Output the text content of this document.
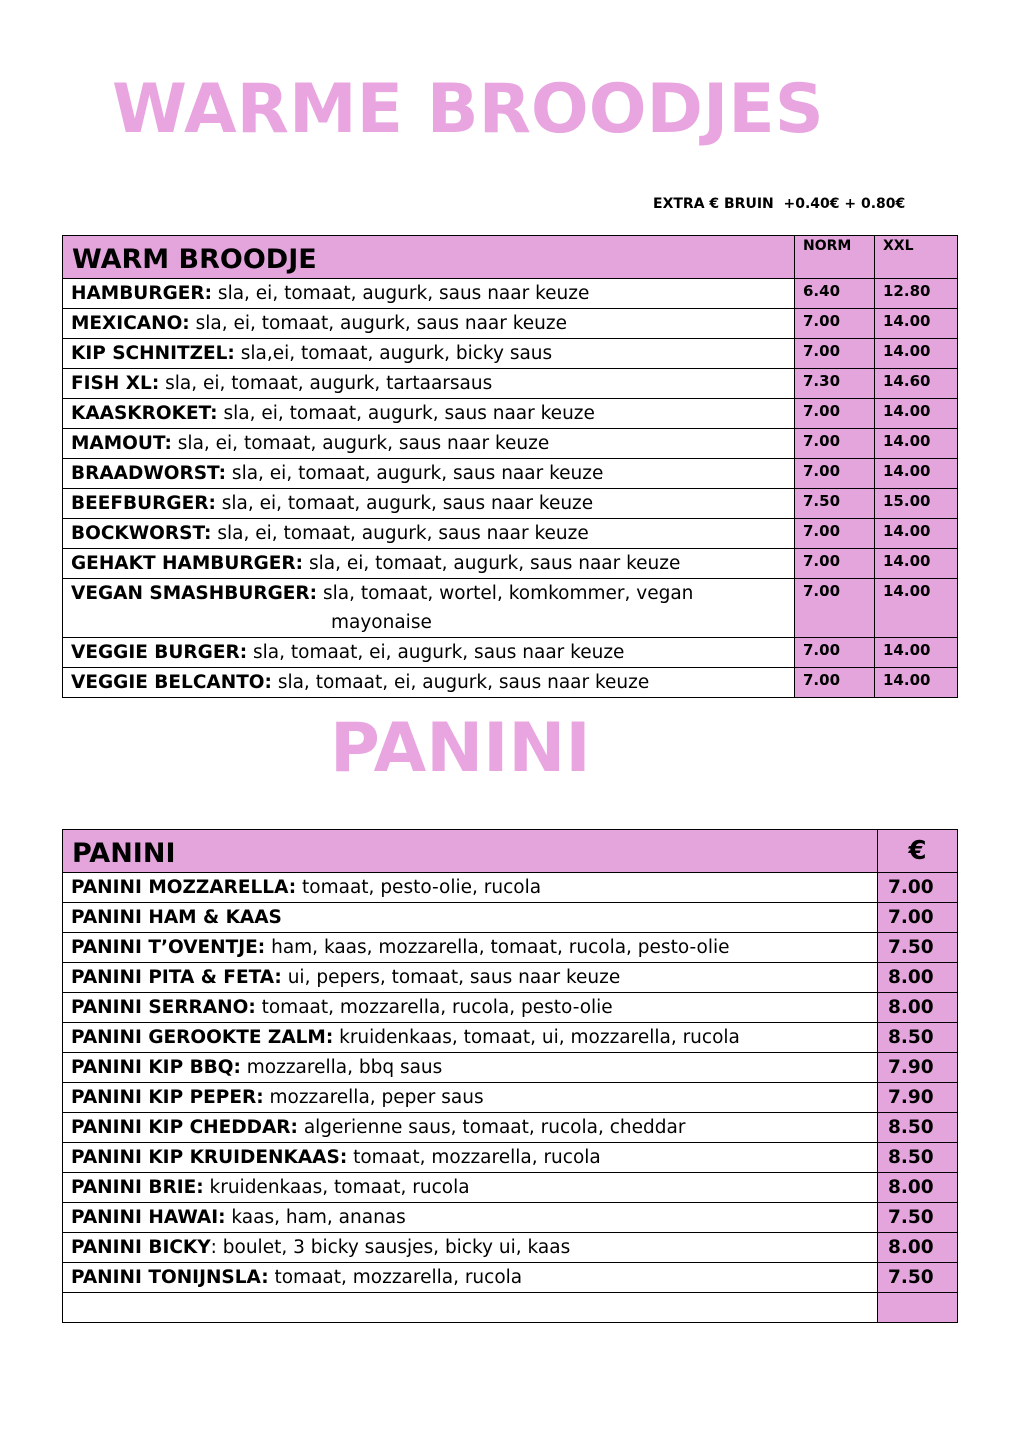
WARME BROODJES
EXTRA € BRUIN  +0.40€ + 0.80€
WARM BROODJE	NORM	XXL
HAMBURGER: sla, ei, tomaat, augurk, saus naar keuze	6.40	12.80
MEXICANO: sla, ei, tomaat, augurk, saus naar keuze	7.00	14.00
KIP SCHNITZEL: sla,ei, tomaat, augurk, bicky saus	7.00	14.00
FISH XL: sla, ei, tomaat, augurk, tartaarsaus	7.30	14.60
KAASKROKET: sla, ei, tomaat, augurk, saus naar keuze	7.00	14.00
MAMOUT: sla, ei, tomaat, augurk, saus naar keuze	7.00	14.00
BRAADWORST: sla, ei, tomaat, augurk, saus naar keuze	7.00	14.00
BEEFBURGER: sla, ei, tomaat, augurk, saus naar keuze	7.50	15.00
BOCKWORST: sla, ei, tomaat, augurk, saus naar keuze	7.00	14.00
GEHAKT HAMBURGER: sla, ei, tomaat, augurk, saus naar keuze	7.00	14.00

VEGAN SMASHBURGER: sla, tomaat, wortel, komkommer, vegan mayonaise	7.00	14.00
VEGGIE BURGER: sla, tomaat, ei, augurk, saus naar keuze	7.00	14.00
VEGGIE BELCANTO: sla, tomaat, ei, augurk, saus naar keuze	7.00	14.00
PANINI
PANINI	€
PANINI MOZZARELLA: tomaat, pesto-olie, rucola	7.00
PANINI HAM & KAAS	7.00
PANINI T’OVENTJE: ham, kaas, mozzarella, tomaat, rucola, pesto-olie	7.50
PANINI PITA & FETA: ui, pepers, tomaat, saus naar keuze	8.00
PANINI SERRANO: tomaat, mozzarella, rucola, pesto-olie	8.00
PANINI GEROOKTE ZALM: kruidenkaas, tomaat, ui, mozzarella, rucola	8.50
PANINI KIP BBQ: mozzarella, bbq saus	7.90
PANINI KIP PEPER: mozzarella, peper saus	7.90
PANINI KIP CHEDDAR: algerienne saus, tomaat, rucola, cheddar	8.50
PANINI KIP KRUIDENKAAS: tomaat, mozzarella, rucola	8.50
PANINI BRIE: kruidenkaas, tomaat, rucola	8.00
PANINI HAWAI: kaas, ham, ananas	7.50
PANINI BICKY: boulet, 3 bicky sausjes, bicky ui, kaas	8.00
PANINI TONIJNSLA: tomaat, mozzarella, rucola	7.50
